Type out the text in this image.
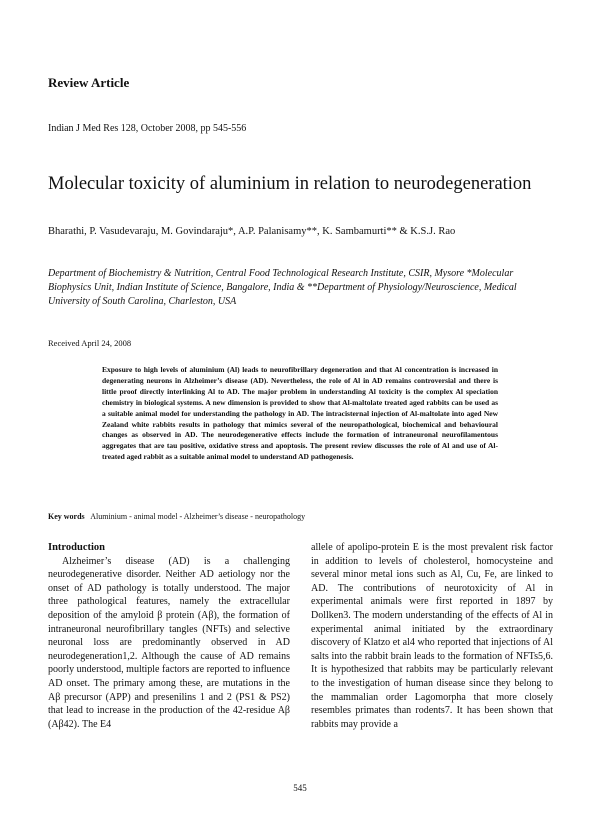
Review Article
Indian J Med Res 128, October 2008, pp 545-556
Molecular toxicity of aluminium in relation to neurodegeneration
Bharathi, P. Vasudevaraju, M. Govindaraju*, A.P. Palanisamy**, K. Sambamurti** & K.S.J. Rao
Department of Biochemistry & Nutrition, Central Food Technological Research Institute, CSIR, Mysore *Molecular Biophysics Unit, Indian Institute of Science, Bangalore, India & **Department of Physiology/Neuroscience, Medical University of South Carolina, Charleston, USA
Received April 24, 2008
Exposure to high levels of aluminium (Al) leads to neurofibrillary degeneration and that Al concentration is increased in degenerating neurons in Alzheimer’s disease (AD). Nevertheless, the role of Al in AD remains controversial and there is little proof directly interlinking Al to AD. The major problem in understanding Al toxicity is the complex Al speciation chemistry in biological systems. A new dimension is provided to show that Al-maltolate treated aged rabbits can be used as a suitable animal model for understanding the pathology in AD. The intracisternal injection of Al-maltolate into aged New Zealand white rabbits results in pathology that mimics several of the neuropathological, biochemical and behavioural changes as observed in AD. The neurodegenerative effects include the formation of intraneuronal neurofilamentous aggregates that are tau positive, oxidative stress and apoptosis. The present review discusses the role of Al and use of Al-treated aged rabbit as a suitable animal model to understand AD pathogenesis.
Key words Aluminium - animal model - Alzheimer’s disease - neuropathology
Introduction

Alzheimer’s disease (AD) is a challenging neurodegenerative disorder. Neither AD aetiology nor the onset of AD pathology is totally understood. The major three pathological features, namely the extracellular deposition of the amyloid β protein (Aβ), the formation of intraneuronal neurofibrillary tangles (NFTs) and selective neuronal loss are predominantly observed in AD neurodegeneration1,2. Although the cause of AD remains poorly understood, multiple factors are reported to influence AD onset. The primary among these, are mutations in the Aβ precursor (APP) and presenilins 1 and 2 (PS1 & PS2) that lead to increase in the production of the 42-residue Aβ (Aβ42). The E4

allele of apolipo-protein E is the most prevalent risk factor in addition to levels of cholesterol, homocysteine and several minor metal ions such as Al, Cu, Fe, are linked to AD. The contributions of neurotoxicity of Al in experimental animals were first reported in 1897 by Dollken3. The modern understanding of the effects of Al in experimental animal initiated by the extraordinary discovery of Klatzo et al4 who reported that injections of Al salts into the rabbit brain leads to the formation of NFTs5,6. It is hypothesized that rabbits may be particularly relevant to the investigation of human disease since they belong to the mammalian order Lagomorpha that more closely resembles primates than rodents7. It has been shown that rabbits may provide a

545
